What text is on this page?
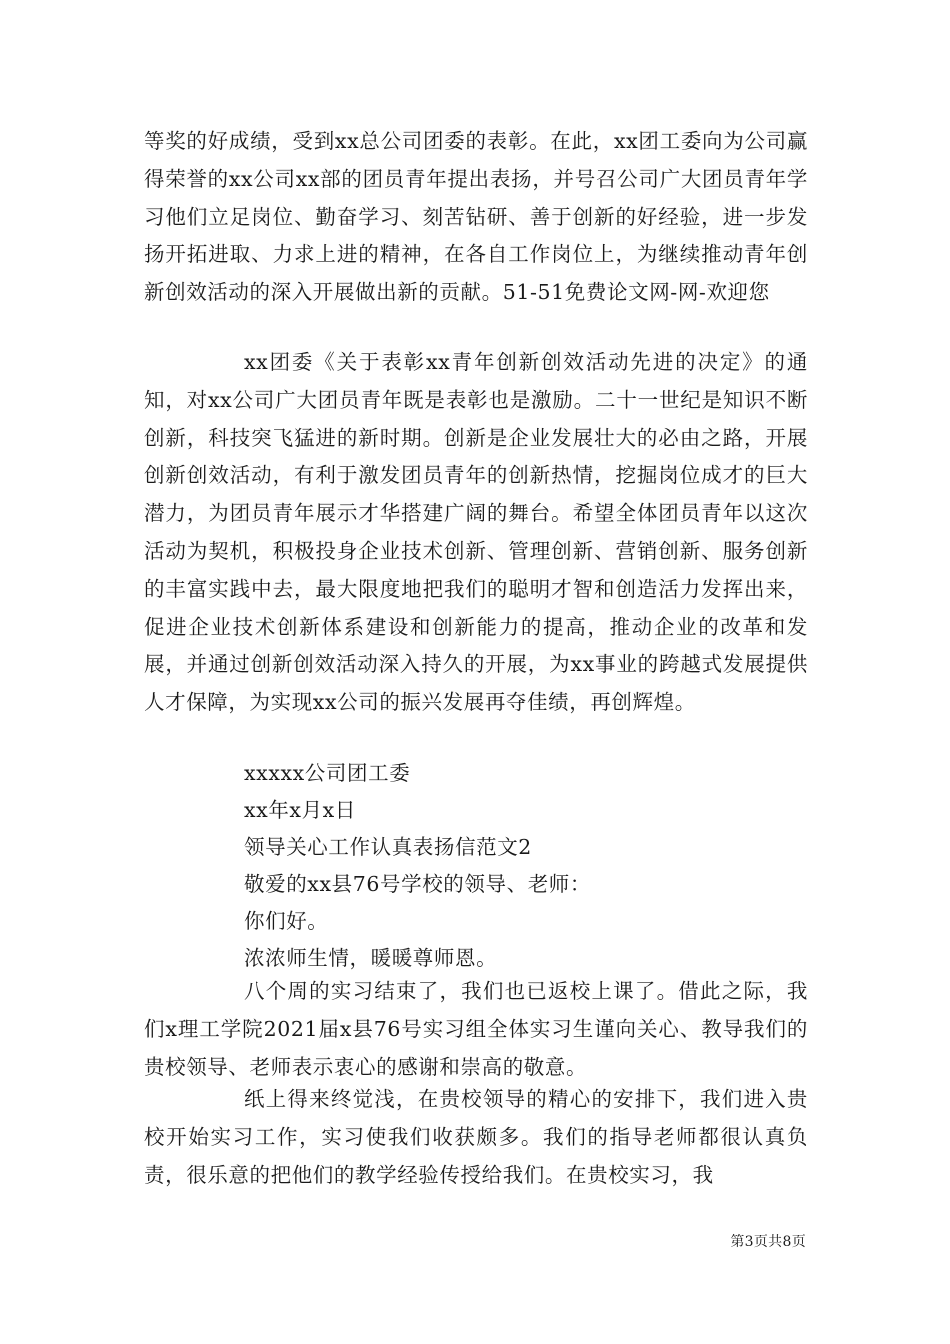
等奖的好成绩，受到xx总公司团委的表彰。在此，xx团工委向为公司赢得荣誉的xx公司xx部的团员青年提出表扬，并号召公司广大团员青年学习他们立足岗位、勤奋学习、刻苦钻研、善于创新的好经验，进一步发扬开拓进取、力求上进的精神，在各自工作岗位上，为继续推动青年创新创效活动的深入开展做出新的贡献。51-51免费论文网-网-欢迎您

xx团委《关于表彰xx青年创新创效活动先进的决定》的通知，对xx公司广大团员青年既是表彰也是激励。二十一世纪是知识不断创新，科技突飞猛进的新时期。创新是企业发展壮大的必由之路，开展创新创效活动，有利于激发团员青年的创新热情，挖掘岗位成才的巨大潜力，为团员青年展示才华搭建广阔的舞台。希望全体团员青年以这次活动为契机，积极投身企业技术创新、管理创新、营销创新、服务创新的丰富实践中去，最大限度地把我们的聪明才智和创造活力发挥出来，促进企业技术创新体系建设和创新能力的提高，推动企业的改革和发展，并通过创新创效活动深入持久的开展，为xx事业的跨越式发展提供人才保障，为实现xx公司的振兴发展再夺佳绩，再创辉煌。

xxxxx公司团工委
xx年x月x日
领导关心工作认真表扬信范文2
敬爱的xx县76号学校的领导、老师：
你们好。
浓浓师生情，暖暖尊师恩。

八个周的实习结束了，我们也已返校上课了。借此之际，我们x理工学院2021届x县76号实习组全体实习生谨向关心、教导我们的贵校领导、老师表示衷心的感谢和崇高的敬意。

纸上得来终觉浅，在贵校领导的精心的安排下，我们进入贵校开始实习工作，实习使我们收获颇多。我们的指导老师都很认真负责，很乐意的把他们的教学经验传授给我们。在贵校实习，我

第3页共8页
